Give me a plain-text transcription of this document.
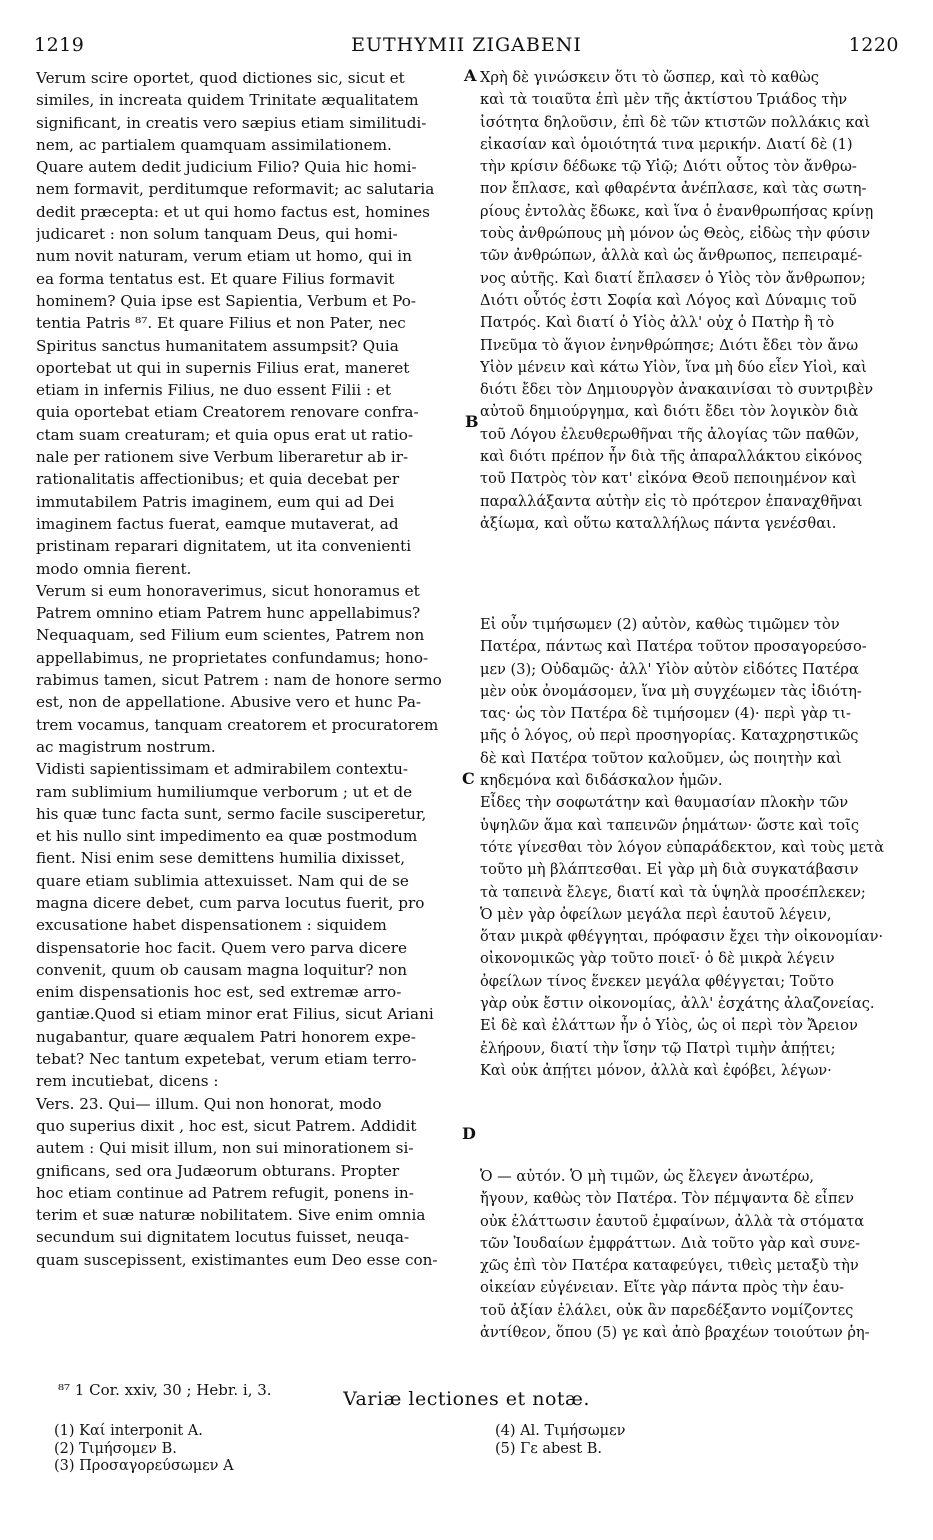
1219	EUTHYMII ZIGABENI	1220
A
B
C
D

Verum scire oportet, quod dictiones sic, sicut et
similes, in increata quidem Trinitate æqualitatem
significant, in creatis vero sæpius etiam similitudi-
nem, ac partialem quamquam assimilationem.
Quare autem dedit judicium Filio? Quia hic homi-
nem formavit, perditumque reformavit; ac salutaria
dedit præcepta: et ut qui homo factus est, homines
judicaret : non solum tanquam Deus, qui homi-
num novit naturam, verum etiam ut homo, qui in
ea forma tentatus est. Et quare Filius formavit
hominem? Quia ipse est Sapientia, Verbum et Po-
tentia Patris ⁸⁷. Et quare Filius et non Pater, nec
Spiritus sanctus humanitatem assumpsit? Quia
oportebat ut qui in supernis Filius erat, maneret
etiam in infernis Filius, ne duo essent Filii : et
quia oportebat etiam Creatorem renovare confra-
ctam suam creaturam; et quia opus erat ut ratio-
nale per rationem sive Verbum liberaretur ab ir-
rationalitatis affectionibus; et quia decebat per
immutabilem Patris imaginem, eum qui ad Dei
imaginem factus fuerat, eamque mutaverat, ad
pristinam reparari dignitatem, ut ita convenienti
modo omnia fierent.

Verum si eum honoraverimus, sicut honoramus et
Patrem omnino etiam Patrem hunc appellabimus?
Nequaquam, sed Filium eum scientes, Patrem non
appellabimus, ne proprietates confundamus; hono-
rabimus tamen, sicut Patrem : nam de honore sermo
est, non de appellatione. Abusive vero et hunc Pa-
trem vocamus, tanquam creatorem et procuratorem
ac magistrum nostrum.

Vidisti sapientissimam et admirabilem contextu-
ram sublimium humiliumque verborum ; ut et de
his quæ tunc facta sunt, sermo facile susciperetur,
et his nullo sint impedimento ea quæ postmodum
fient. Nisi enim sese demittens humilia dixisset,
quare etiam sublimia attexuisset. Nam qui de se
magna dicere debet, cum parva locutus fuerit, pro
excusatione habet dispensationem : siquidem
dispensatorie hoc facit. Quem vero parva dicere
convenit, quum ob causam magna loquitur? non
enim dispensationis hoc est, sed extremæ arro-
gantiæ.Quod si etiam minor erat Filius, sicut Ariani
nugabantur, quare æqualem Patri honorem expe-
tebat? Nec tantum expetebat, verum etiam terro-
rem incutiebat, dicens :

Vers. 23. Qui— illum. Qui non honorat, modo
quo superius dixit , hoc est, sicut Patrem. Addidit
autem : Qui misit illum, non sui minorationem si-
gnificans, sed ora Judæorum obturans. Propter
hoc etiam continue ad Patrem refugit, ponens in-
terim et suæ naturæ nobilitatem. Sive enim omnia
secundum sui dignitatem locutus fuisset, neuqa-
quam suscepissent, existimantes eum Deo esse con-

Χρὴ δὲ γινώσκειν ὅτι τὸ ὥσπερ, καὶ τὸ καθὼς
καὶ τὰ τοιαῦτα ἐπὶ μὲν τῆς ἀκτίστου Τριάδος τὴν
ἰσότητα δηλοῦσιν, ἐπὶ δὲ τῶν κτιστῶν πολλάκις καὶ
εἰκασίαν καὶ ὁμοιότητά τινα μερικήν. Διατί δὲ (1)
τὴν κρίσιν δέδωκε τῷ Υἱῷ; Διότι οὗτος τὸν ἄνθρω-
πον ἔπλασε, καὶ φθαρέντα ἀνέπλασε, καὶ τὰς σωτη-
ρίους ἐντολὰς ἔδωκε, καὶ ἵνα ὁ ἐνανθρωπήσας κρίνῃ
τοὺς ἀνθρώπους μὴ μόνον ὡς Θεὸς, εἰδὼς τὴν φύσιν
τῶν ἀνθρώπων, ἀλλὰ καὶ ὡς ἄνθρωπος, πεπειραμέ-
νος αὐτῆς. Καὶ διατί ἔπλασεν ὁ Υἱὸς τὸν ἄνθρωπον;
Διότι οὗτός ἐστι Σοφία καὶ Λόγος καὶ Δύναμις τοῦ
Πατρός. Καὶ διατί ὁ Υἱὸς ἀλλ' οὐχ ὁ Πατὴρ ἢ τὸ
Πνεῦμα τὸ ἅγιον ἐνηνθρώπησε; Διότι ἔδει τὸν ἄνω
Υἱὸν μένειν καὶ κάτω Υἱὸν, ἵνα μὴ δύο εἶεν Υἱοὶ, καὶ
διότι ἔδει τὸν Δημιουργὸν ἀνακαινίσαι τὸ συντριβὲν
αὐτοῦ δημιούργημα, καὶ διότι ἔδει τὸν λογικὸν διὰ
τοῦ Λόγου ἐλευθερωθῆναι τῆς ἀλογίας τῶν παθῶν,
καὶ διότι πρέπον ἦν διὰ τῆς ἀπαραλλάκτου εἰκόνος
τοῦ Πατρὸς τὸν κατ' εἰκόνα Θεοῦ πεποιημένον καὶ
παραλλάξαντα αὐτὴν εἰς τὸ πρότερον ἐπαναχθῆναι
ἀξίωμα, καὶ οὕτω καταλλήλως πάντα γενέσθαι.

Εἰ οὖν τιμήσωμεν (2) αὐτὸν, καθὼς τιμῶμεν τὸν
Πατέρα, πάντως καὶ Πατέρα τοῦτον προσαγορεύσο-
μεν (3); Οὐδαμῶς· ἀλλ' Υἱὸν αὐτὸν εἰδότες Πατέρα
μὲν οὐκ ὀνομάσομεν, ἵνα μὴ συγχέωμεν τὰς ἰδιότη-
τας· ὡς τὸν Πατέρα δὲ τιμήσομεν (4)· περὶ γὰρ τι-
μῆς ὁ λόγος, οὐ περὶ προσηγορίας. Καταχρηστικῶς
δὲ καὶ Πατέρα τοῦτον καλοῦμεν, ὡς ποιητὴν καὶ
κηδεμόνα καὶ διδάσκαλον ἡμῶν.

Εἶδες τὴν σοφωτάτην καὶ θαυμασίαν πλοκὴν τῶν
ὑψηλῶν ἅμα καὶ ταπεινῶν ῥημάτων· ὥστε καὶ τοῖς
τότε γίνεσθαι τὸν λόγον εὐπαράδεκτον, καὶ τοὺς μετὰ
τοῦτο μὴ βλάπτεσθαι. Εἰ γὰρ μὴ διὰ συγκατάβασιν
τὰ ταπεινὰ ἔλεγε, διατί καὶ τὰ ὑψηλὰ προσέπλεκεν;
Ὁ μὲν γὰρ ὀφείλων μεγάλα περὶ ἑαυτοῦ λέγειν,
ὅταν μικρὰ φθέγγηται, πρόφασιν ἔχει τὴν οἰκονομίαν·
οἰκονομικῶς γὰρ τοῦτο ποιεῖ· ὁ δὲ μικρὰ λέγειν
ὀφείλων τίνος ἕνεκεν μεγάλα φθέγγεται; Τοῦτο
γὰρ οὐκ ἔστιν οἰκονομίας, ἀλλ' ἐσχάτης ἀλαζονείας.
Εἰ δὲ καὶ ἐλάττων ἦν ὁ Υἱὸς, ὡς οἱ περὶ τὸν Ἄρειον
ἐλήρουν, διατί τὴν ἴσην τῷ Πατρὶ τιμὴν ἀπῄτει;
Καὶ οὐκ ἀπῄτει μόνον, ἀλλὰ καὶ ἐφόβει, λέγων·

Ὁ — αὐτόν. Ὁ μὴ τιμῶν, ὡς ἔλεγεν ἀνωτέρω,
ἤγουν, καθὼς τὸν Πατέρα. Τὸν πέμψαντα δὲ εἶπεν
οὐκ ἐλάττωσιν ἑαυτοῦ ἐμφαίνων, ἀλλὰ τὰ στόματα
τῶν Ἰουδαίων ἐμφράττων. Διὰ τοῦτο γὰρ καὶ συνε-
χῶς ἐπὶ τὸν Πατέρα καταφεύγει, τιθεὶς μεταξὺ τὴν
οἰκείαν εὐγένειαν. Εἴτε γὰρ πάντα πρὸς τὴν ἑαυ-
τοῦ ἀξίαν ἐλάλει, οὐκ ἂν παρεδέξαντο νομίζοντες
ἀντίθεον, ὅπου (5) γε καὶ ἀπὸ βραχέων τοιούτων ῥη-

⁸⁷ 1 Cor. xxiv, 30 ; Hebr. i, 3.	Variæ lectiones et notæ.
(1) Καί interponit A.
(2) Τιμήσομεν B.
(3) Προσαγορεύσωμεν A
(4) Al. Τιμήσωμεν
(5) Γε abest B.
